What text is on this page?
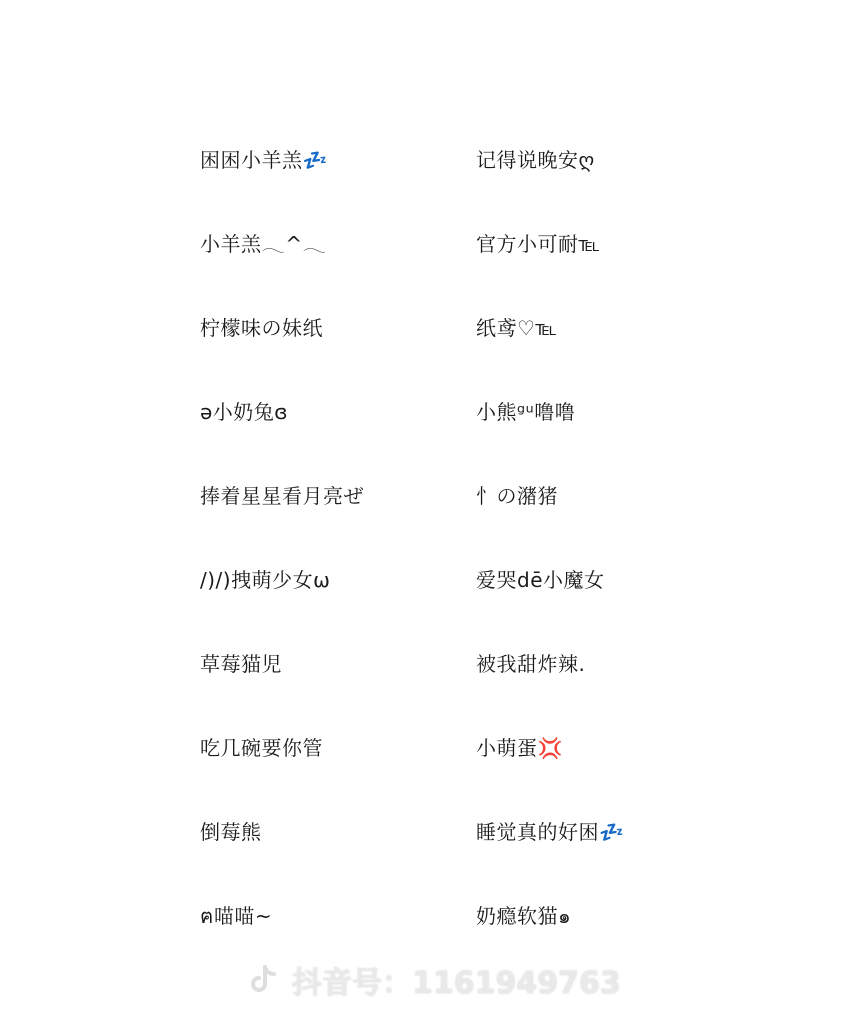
困困小羊羔💤
小羊羔𓂃^𓂃
柠檬味の妹纸
ə小奶兔ɞ
捧着星星看月亮ぜ
/)/)拽萌少女ω
草莓猫児
吃几碗要你管
倒莓熊
ฅ喵喵~
记得说晚安ღ
官方小可耐℡
纸鸢♡℡
小熊ᵍᵘ噜噜
忄の潴猪
爱哭dē小魔女
被我甜炸辣.
小萌蛋💢
睡觉真的好困💤
奶瘾软猫๑
抖音号：1161949763
